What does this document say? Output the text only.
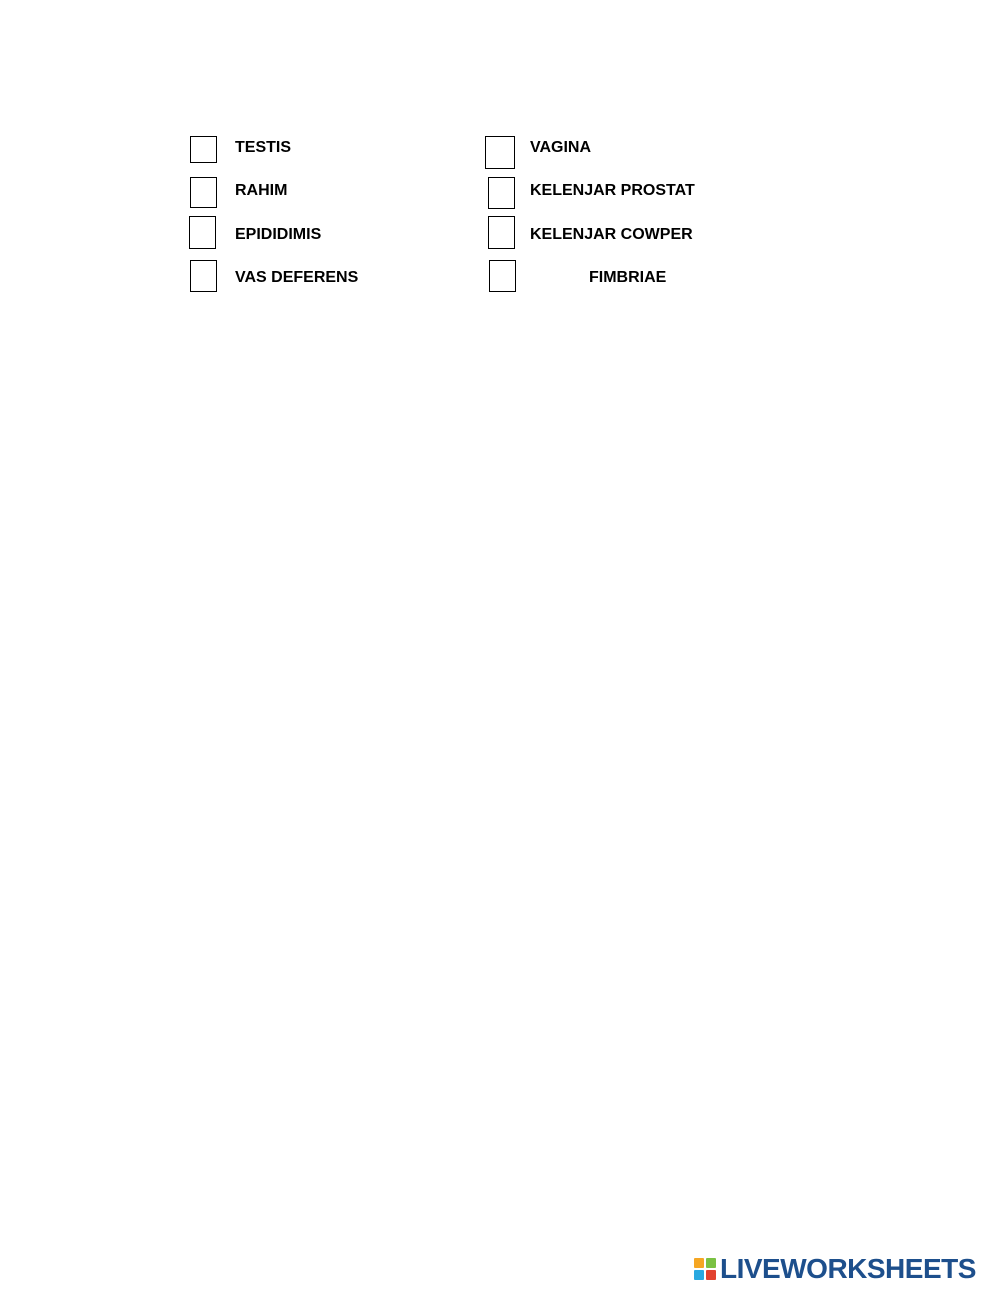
TESTIS
RAHIM
EPIDIDIMIS
VAS DEFERENS
VAGINA
KELENJAR PROSTAT
KELENJAR COWPER
FIMBRIAE
LIVEWORKSHEETS
